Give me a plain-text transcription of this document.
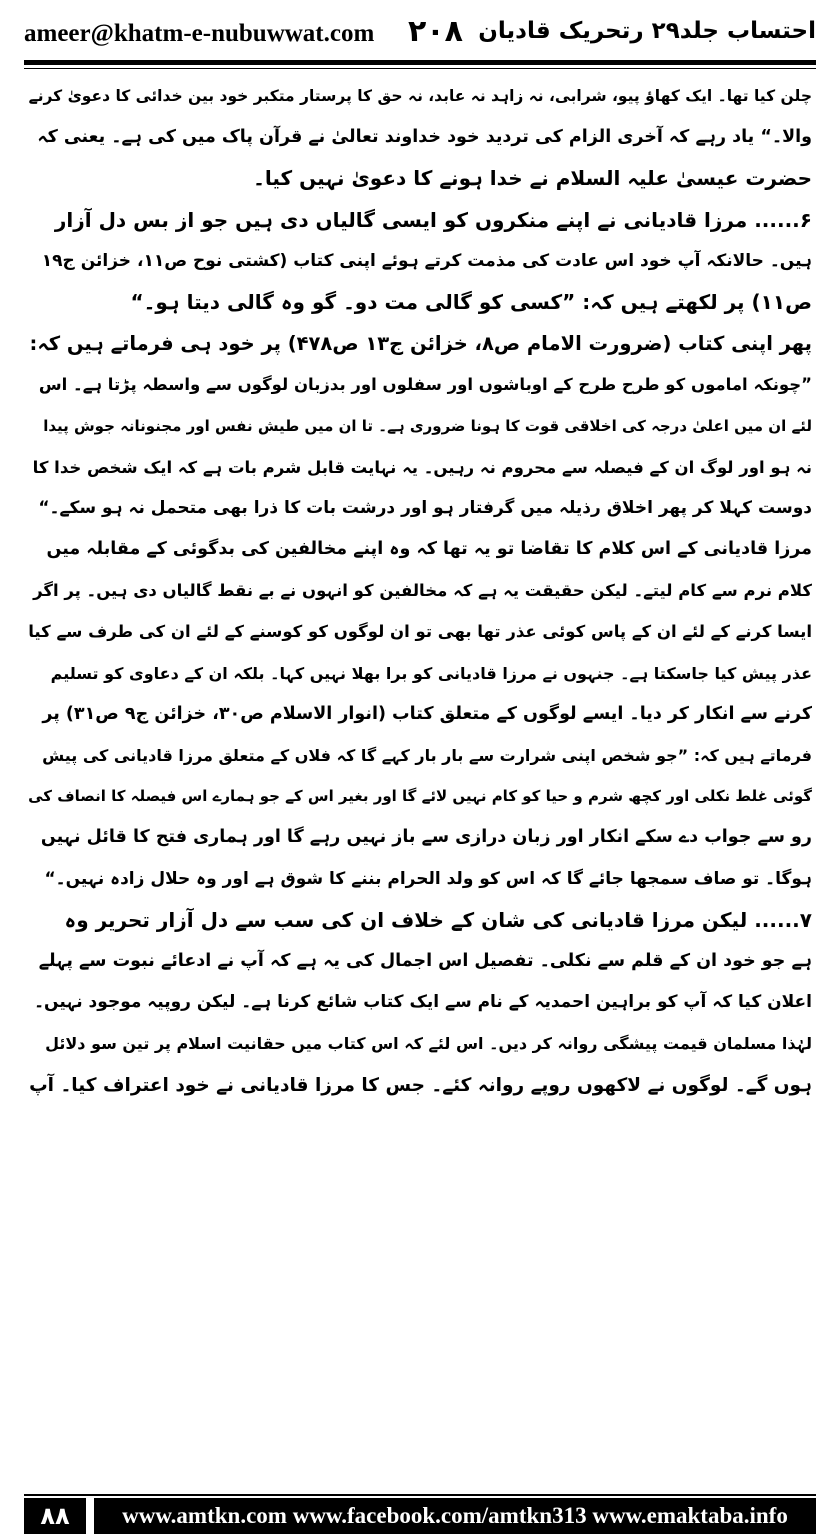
ameer@khatm-e-nubuwwat.com ۲۰۸ احتساب جلد۲۹ رتحریک قادیان
چلن کیا تھا۔ ایک کھاؤ پیو، شرابی، نہ زاہد نہ عابد، نہ حق کا پرستار متکبر خود بین خدائی کا دعویٰ کرنے
والا۔“ یاد رہے کہ آخری الزام کی تردید خود خداوند تعالیٰ نے قرآن پاک میں کی ہے۔ یعنی کہ
حضرت عیسیٰ علیہ السلام نے خدا ہونے کا دعویٰ نہیں کیا۔
۶...... مرزا قادیانی نے اپنے منکروں کو ایسی گالیاں دی ہیں جو از بس دل آزار
ہیں۔ حالانکہ آپ خود اس عادت کی مذمت کرتے ہوئے اپنی کتاب (کشتی نوح ص۱۱، خزائن ج۱۹
ص۱۱) پر لکھتے ہیں کہ: ”کسی کو گالی مت دو۔ گو وہ گالی دیتا ہو۔“
پھر اپنی کتاب (ضرورت الامام ص۸، خزائن ج۱۳ ص۴۷۸) پر خود ہی فرماتے ہیں کہ:
”چونکہ اماموں کو طرح طرح کے اوباشوں اور سفلوں اور بدزبان لوگوں سے واسطہ پڑتا ہے۔ اس
لئے ان میں اعلیٰ درجہ کی اخلاقی قوت کا ہونا ضروری ہے۔ تا ان میں طیش نفس اور مجنونانہ جوش پیدا
نہ ہو اور لوگ ان کے فیصلہ سے محروم نہ رہیں۔ یہ نہایت قابل شرم بات ہے کہ ایک شخص خدا کا
دوست کہلا کر پھر اخلاق رذیلہ میں گرفتار ہو اور درشت بات کا ذرا بھی متحمل نہ ہو سکے۔“
مرزا قادیانی کے اس کلام کا تقاضا تو یہ تھا کہ وہ اپنے مخالفین کی بدگوئی کے مقابلہ میں
کلام نرم سے کام لیتے۔ لیکن حقیقت یہ ہے کہ مخالفین کو انہوں نے بے نقط گالیاں دی ہیں۔ پر اگر
ایسا کرنے کے لئے ان کے پاس کوئی عذر تھا بھی تو ان لوگوں کو کوسنے کے لئے ان کی طرف سے کیا
عذر پیش کیا جاسکتا ہے۔ جنہوں نے مرزا قادیانی کو برا بھلا نہیں کہا۔ بلکہ ان کے دعاوی کو تسلیم
کرنے سے انکار کر دیا۔ ایسے لوگوں کے متعلق کتاب (انوار الاسلام ص۳۰، خزائن ج۹ ص۳۱) پر
فرماتے ہیں کہ: ”جو شخص اپنی شرارت سے بار بار کہے گا کہ فلاں کے متعلق مرزا قادیانی کی پیش
گوئی غلط نکلی اور کچھ شرم و حیا کو کام نہیں لائے گا اور بغیر اس کے جو ہمارے اس فیصلہ کا انصاف کی
رو سے جواب دے سکے انکار اور زبان درازی سے باز نہیں رہے گا اور ہماری فتح کا قائل نہیں
ہوگا۔ تو صاف سمجھا جائے گا کہ اس کو ولد الحرام بننے کا شوق ہے اور وہ حلال زادہ نہیں۔“
۷...... لیکن مرزا قادیانی کی شان کے خلاف ان کی سب سے دل آزار تحریر وہ
ہے جو خود ان کے قلم سے نکلی۔ تفصیل اس اجمال کی یہ ہے کہ آپ نے ادعائے نبوت سے پہلے
اعلان کیا کہ آپ کو براہین احمدیہ کے نام سے ایک کتاب شائع کرنا ہے۔ لیکن روپیہ موجود نہیں۔
لہٰذا مسلمان قیمت پیشگی روانہ کر دیں۔ اس لئے کہ اس کتاب میں حقانیت اسلام پر تین سو دلائل
ہوں گے۔ لوگوں نے لاکھوں روپے روانہ کئے۔ جس کا مرزا قادیانی نے خود اعتراف کیا۔ آپ
۸۸	www.amtkn.com www.facebook.com/amtkn313 www.emaktaba.info
